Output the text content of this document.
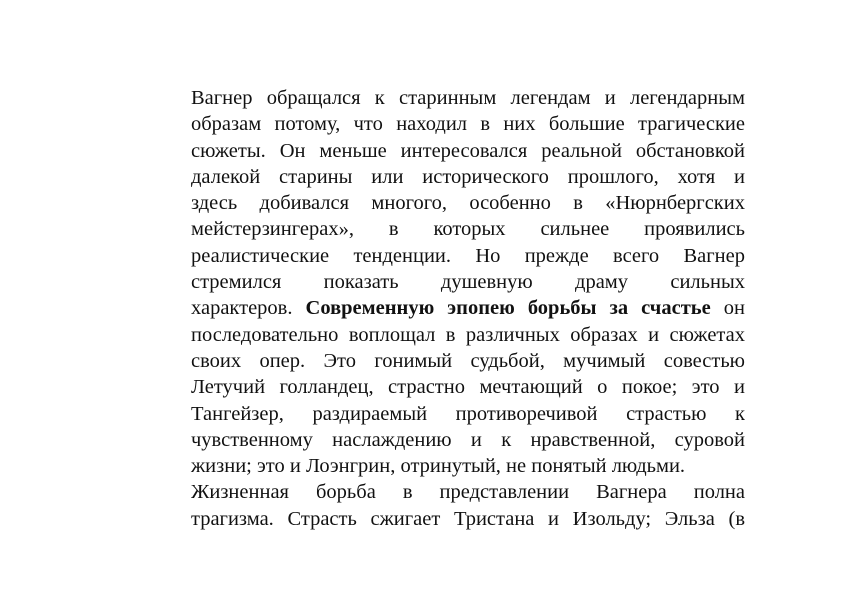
Вагнер обращался к старинным легендам и легендарным
образам потому, что находил в них большие трагические
сюжеты. Он меньше интересовался реальной обстановкой
далекой старины или исторического прошлого, хотя и
здесь добивался многого, особенно в «Нюрнбергских
мейстерзингерах», в которых сильнее проявились
реалистические тенденции. Но прежде всего Вагнер
стремился показать душевную драму сильных
характеров. Современную эпопею борьбы за счастье он
последовательно воплощал в различных образах и сюжетах
своих опер. Это гонимый судьбой, мучимый совестью
Летучий голландец, страстно мечтающий о покое; это и
Тангейзер, раздираемый противоречивой страстью к
чувственному наслаждению и к нравственной, суровой
жизни; это и Лоэнгрин, отринутый, не понятый людьми.
Жизненная борьба в представлении Вагнера полна
трагизма. Страсть сжигает Тристана и Изольду; Эльза (в
